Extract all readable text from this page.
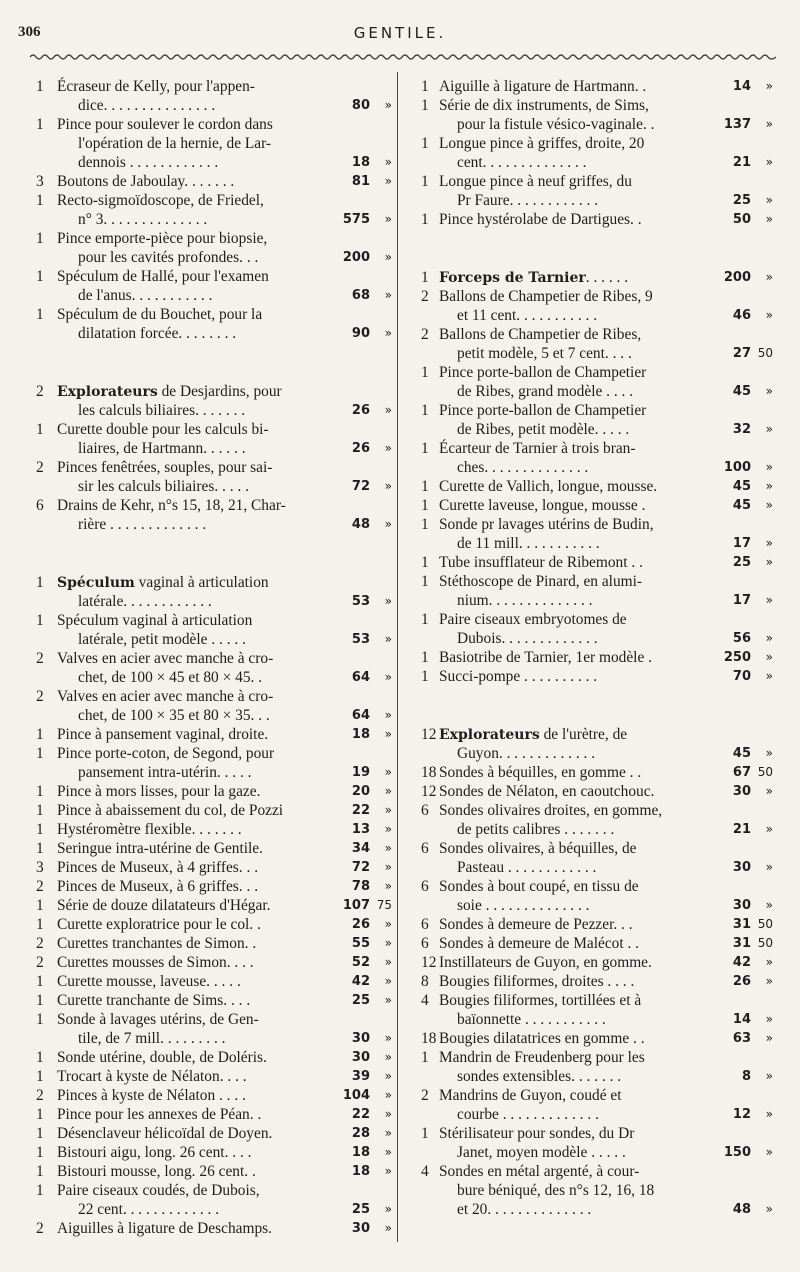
306	GENTILE.
1 Écraseur de Kelly, pour l'appen-
dice. . . . . . . . . . . . . . .	80	»
1 Pince pour soulever le cordon dans
l'opération de la hernie, de Lar-
dennois . . . . . . . . . . . .	18	»
3 Boutons de Jaboulay. . . . . . .	81	»
1 Recto-sigmoïdoscope, de Friedel,
n° 3. . . . . . . . . . . . . .	575	»
1 Pince emporte-pièce pour biopsie,
pour les cavités profondes. . .	200	»
1 Spéculum de Hallé, pour l'examen
de l'anus. . . . . . . . . . .	68	»
1 Spéculum de du Bouchet, pour la
dilatation forcée. . . . . . . .	90	»
2 Explorateurs de Desjardins, pour
les calculs biliaires. . . . . . .	26	»
1 Curette double pour les calculs bi-
liaires, de Hartmann. . . . . .	26	»
2 Pinces fenêtrées, souples, pour sai-
sir les calculs biliaires. . . . .	72	»
6 Drains de Kehr, n°s 15, 18, 21, Char-
rière . . . . . . . . . . . . .	48	»
1 Spéculum vaginal à articulation
latérale. . . . . . . . . . . .	53	»
1 Spéculum vaginal à articulation
latérale, petit modèle . . . . .	53	»
2 Valves en acier avec manche à cro-
chet, de 100 × 45 et 80 × 45. .	64	»
2 Valves en acier avec manche à cro-
chet, de 100 × 35 et 80 × 35. . .	64	»
1 Pince à pansement vaginal, droite.	18	»
1 Pince porte-coton, de Segond, pour
pansement intra-utérin. . . . .	19	»
1 Pince à mors lisses, pour la gaze.	20	»
1 Pince à abaissement du col, de Pozzi	22	»
1 Hystéromètre flexible. . . . . . .	13	»
1 Seringue intra-utérine de Gentile.	34	»
3 Pinces de Museux, à 4 griffes. . .	72	»
2 Pinces de Museux, à 6 griffes. . .	78	»
1 Série de douze dilatateurs d'Hégar.	107 75
1 Curette exploratrice pour le col. .	26	»
2 Curettes tranchantes de Simon. .	55	»
2 Curettes mousses de Simon. . . .	52	»
1 Curette mousse, laveuse. . . . .	42	»
1 Curette tranchante de Sims. . . .	25	»
1 Sonde à lavages utérins, de Gen-
tile, de 7 mill. . . . . . . . .	30	»
1 Sonde utérine, double, de Doléris.	30	»
1 Trocart à kyste de Nélaton. . . .	39	»
2 Pinces à kyste de Nélaton . . . .	104	»
1 Pince pour les annexes de Péan. .	22	»
1 Désenclaveur hélicoïdal de Doyen.	28	»
1 Bistouri aigu, long. 26 cent. . . .	18	»
1 Bistouri mousse, long. 26 cent. .	18	»
1 Paire ciseaux coudés, de Dubois,
22 cent. . . . . . . . . . . . .	25	»
2 Aiguilles à ligature de Deschamps.	30	»
1 Aiguille à ligature de Hartmann. .	14	»
1 Série de dix instruments, de Sims,
pour la fistule vésico-vaginale. .	137	»
1 Longue pince à griffes, droite, 20
cent. . . . . . . . . . . . . .	21	»
1 Longue pince à neuf griffes, du
Pr Faure. . . . . . . . . . . .	25	»
1 Pince hystérolabe de Dartigues. .	50	»
1 Forceps de Tarnier. . . . . .	200	»
2 Ballons de Champetier de Ribes, 9
et 11 cent. . . . . . . . . . .	46	»
2 Ballons de Champetier de Ribes,
petit modèle, 5 et 7 cent. . . .	27 50
1 Pince porte-ballon de Champetier
de Ribes, grand modèle . . . .	45	»
1 Pince porte-ballon de Champetier
de Ribes, petit modèle. . . . .	32	»
1 Écarteur de Tarnier à trois bran-
ches. . . . . . . . . . . . . .	100	»
1 Curette de Vallich, longue, mousse.	45	»
1 Curette laveuse, longue, mousse .	45	»
1 Sonde pr lavages utérins de Budin,
de 11 mill. . . . . . . . . . .	17	»
1 Tube insufflateur de Ribemont . .	25	»
1 Stéthoscope de Pinard, en alumi-
nium. . . . . . . . . . . . . .	17	»
1 Paire ciseaux embryotomes de
Dubois. . . . . . . . . . . . .	56	»
1 Basiotribe de Tarnier, 1er modèle .	250	»
1 Succi-pompe . . . . . . . . . .	70	»
12 Explorateurs de l'urètre, de
Guyon. . . . . . . . . . . . .	45	»
18 Sondes à béquilles, en gomme . .	67 50
12 Sondes de Nélaton, en caoutchouc.	30	»
6 Sondes olivaires droites, en gomme,
de petits calibres . . . . . . .	21	»
6 Sondes olivaires, à béquilles, de
Pasteau . . . . . . . . . . . .	30	»
6 Sondes à bout coupé, en tissu de
soie . . . . . . . . . . . . . .	30	»
6 Sondes à demeure de Pezzer. . .	31 50
6 Sondes à demeure de Malécot . .	31 50
12 Instillateurs de Guyon, en gomme.	42	»
8 Bougies filiformes, droites . . . .	26	»
4 Bougies filiformes, tortillées et à
baïonnette . . . . . . . . . . .	14	»
18 Bougies dilatatrices en gomme . .	63	»
1 Mandrin de Freudenberg pour les
sondes extensibles. . . . . . .	8	»
2 Mandrins de Guyon, coudé et
courbe . . . . . . . . . . . . .	12	»
1 Stérilisateur pour sondes, du Dr
Janet, moyen modèle . . . . .	150	»
4 Sondes en métal argenté, à cour-
bure béniqué, des n°s 12, 16, 18
et 20. . . . . . . . . . . . . .	48	»
